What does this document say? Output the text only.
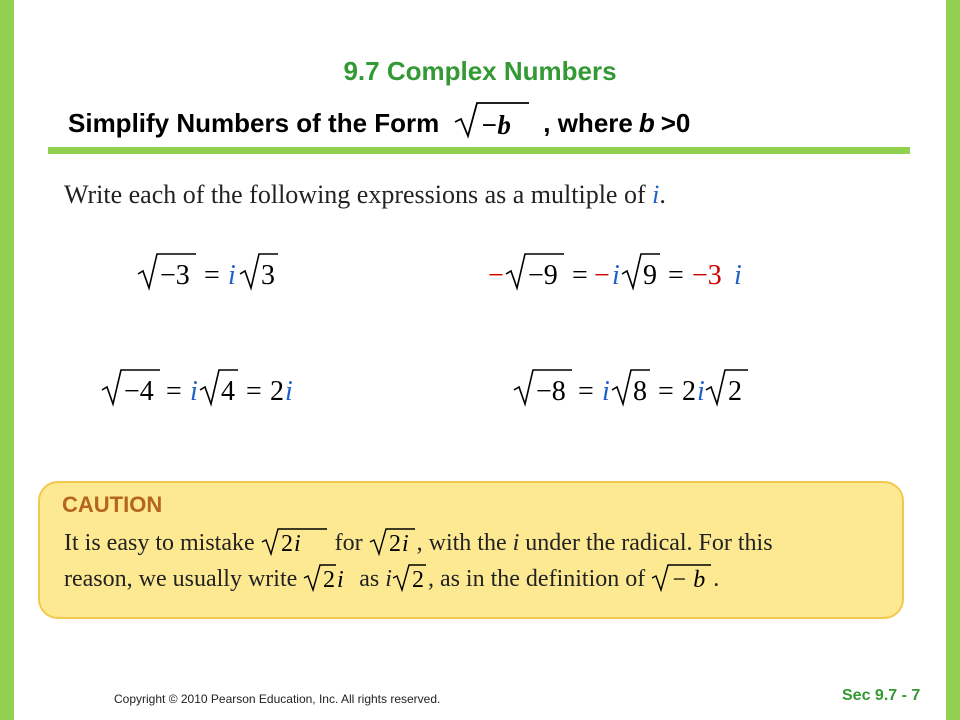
9.7 Complex Numbers
Simplify Numbers of the Form −b , where b >0
Write each of the following expressions as a multiple of i.
−3 = i 3	− −9 = − i 9 = −3 i
−4 = i 4 = 2 i	−8 = i 8 = 2 i 2
CAUTION
It is easy to mistake 2 i for 2 i , with the i under the radical. For this
reason, we usually write 2 i as i 2 , as in the definition of − b .
Copyright © 2010 Pearson Education, Inc. All rights reserved.	Sec 9.7 - 7
